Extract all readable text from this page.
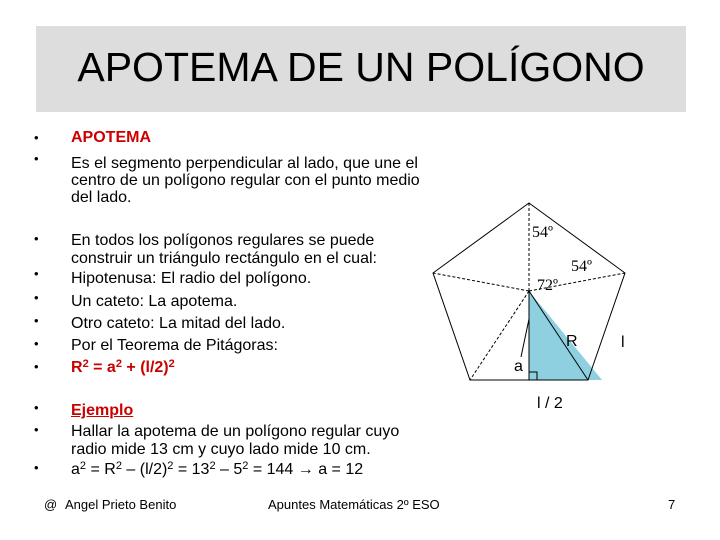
APOTEMA DE UN POLÍGONO
• APOTEMA
• Es el segmento perpendicular al lado, que une el
centro de un polígono regular con el punto medio
del lado.
• En todos los polígonos regulares se puede
construir un triángulo rectángulo en el cual:
• Hipotenusa: El radio del polígono.
• Un cateto: La apotema.
• Otro cateto: La mitad del lado.
• Por el Teorema de Pitágoras:
• $R^2 = a^2 + (l/2)^2$
• Ejemplo
• Hallar la apotema de un polígono regular cuyo
radio mide 13 cm y cuyo lado mide 10 cm.
• $a^2 = R^2 - (l/2)^2 = 13^2 - 5^2 = 144 \to a = 12$
54º
54º
72º
R	l
a
l / 2
@ Angel Prieto Benito	Apuntes Matemáticas 2º ESO	7
